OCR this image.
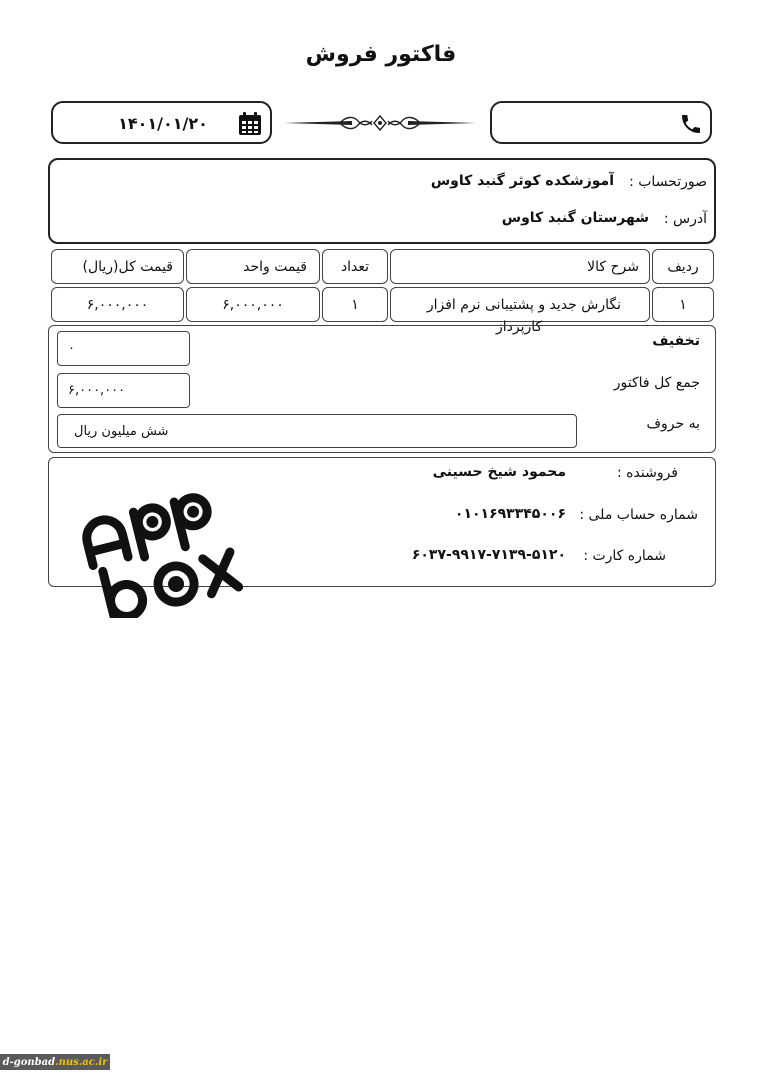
فاکتور فروش
۱۴۰۱/۰۱/۲۰
صورتحساب :
آموزشکده کوثر گنبد کاوس
آدرس :
شهرستان گنبد کاوس
ردیف
شرح کالا
تعداد
قیمت واحد
قیمت کل(ریال)
۱
نگارش جدید و پشتیبانی نرم افزار
کارپرداز
۱
۶,۰۰۰,۰۰۰
۶,۰۰۰,۰۰۰
تخفیف
۰
جمع کل فاکتور
۶,۰۰۰,۰۰۰
به حروف
شش میلیون ریال
فروشنده :
محمود شیخ حسینی
شماره حساب ملی :
۰۱۰۱۶۹۳۳۴۵۰۰۶
شماره کارت :
۶۰۳۷-۹۹۱۷-۷۱۳۹-۵۱۲۰
d-gonbad .nus.ac.ir
